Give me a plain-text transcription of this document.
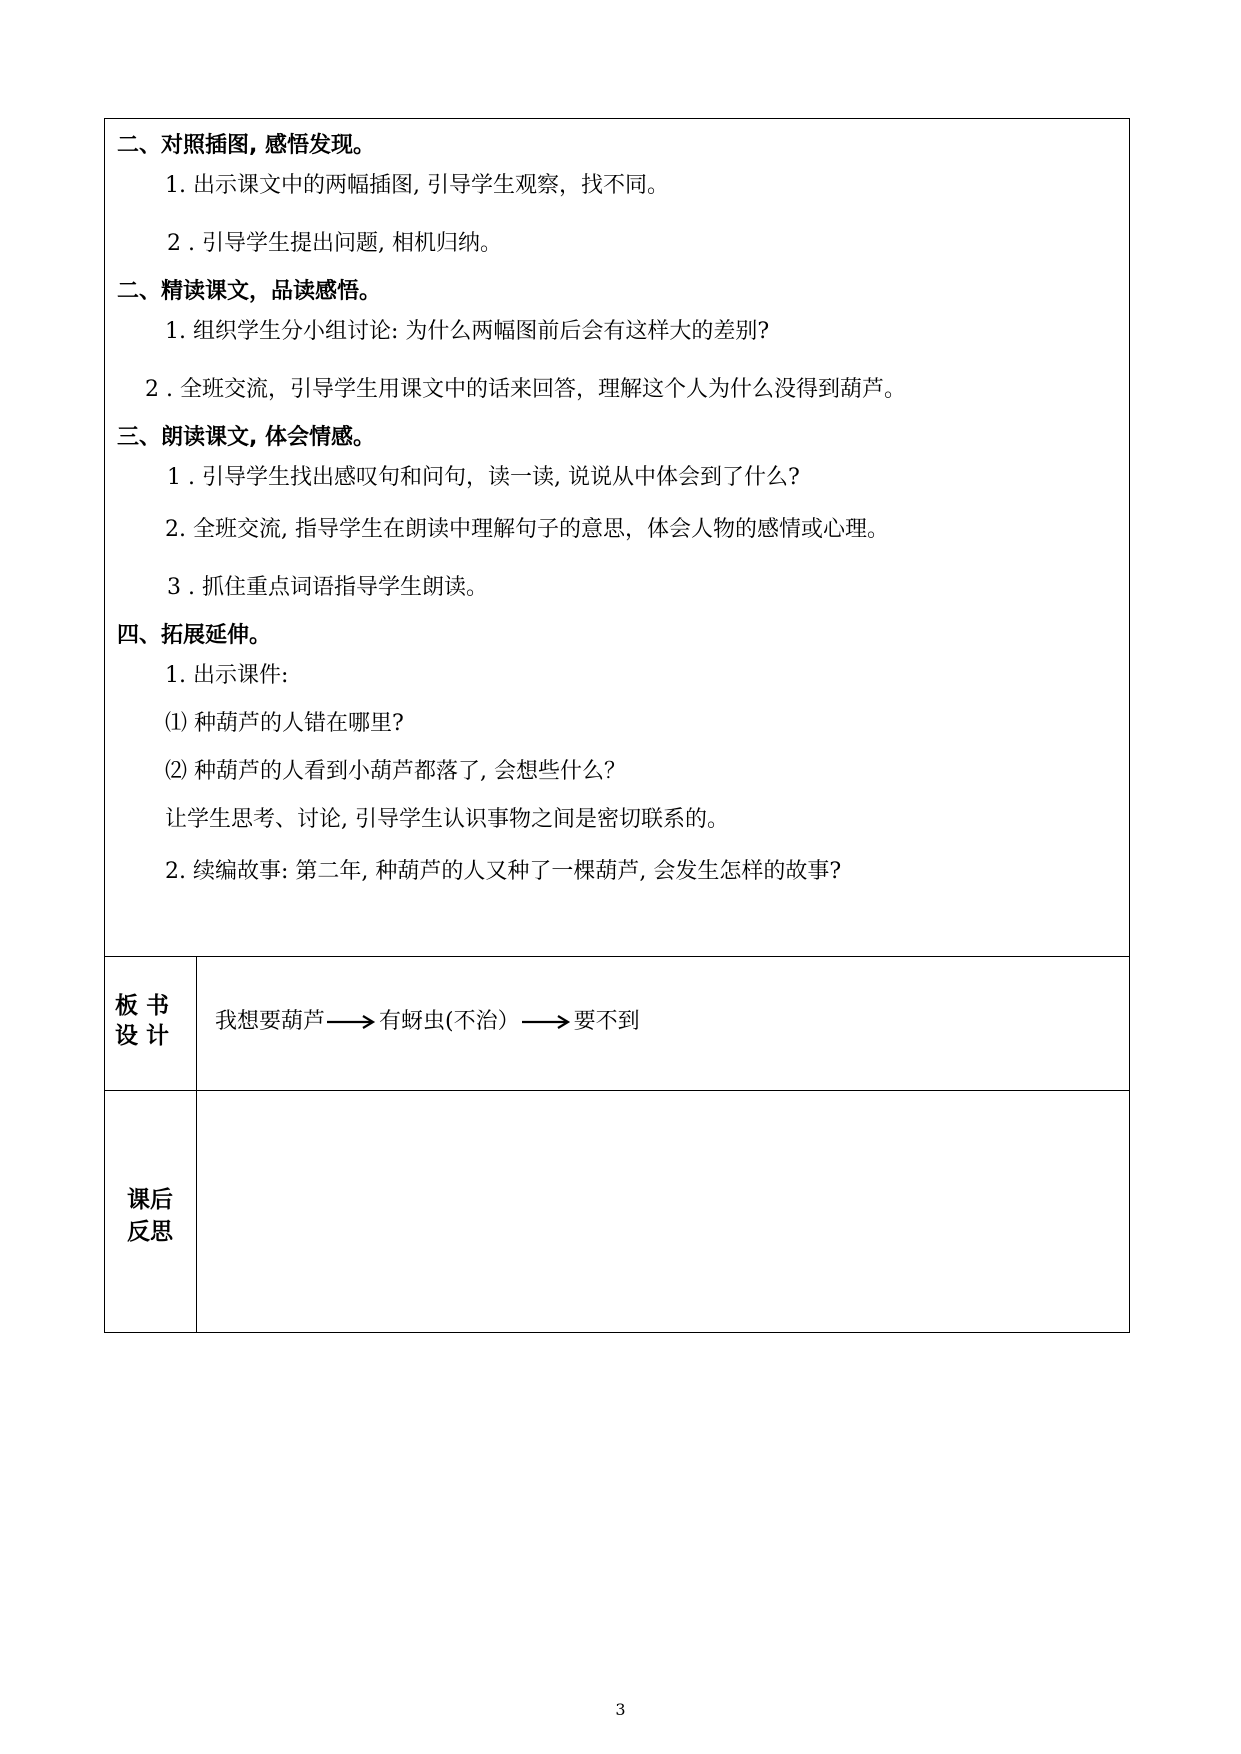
二、对照插图, 感悟发现。
1. 出示课文中的两幅插图, 引导学生观察，找不同。
2 . 引导学生提出问题, 相机归纳。
二、精读课文，品读感悟。
1. 组织学生分小组讨论: 为什么两幅图前后会有这样大的差别?
2 . 全班交流，引导学生用课文中的话来回答，理解这个人为什么没得到葫芦。
三、朗读课文, 体会情感。
1 . 引导学生找出感叹句和问句，读一读, 说说从中体会到了什么?
2. 全班交流, 指导学生在朗读中理解句子的意思，体会人物的感情或心理。
3 . 抓住重点词语指导学生朗读。
四、拓展延伸。
1. 出示课件:
⑴ 种葫芦的人错在哪里?
⑵ 种葫芦的人看到小葫芦都落了, 会想些什么？
让学生思考、讨论, 引导学生认识事物之间是密切联系的。
2. 续编故事: 第二年, 种葫芦的人又种了一棵葫芦, 会发生怎样的故事?
板 书
设 计
我想要葫芦 有蚜虫(不治） 要不到
课后
反思
3
